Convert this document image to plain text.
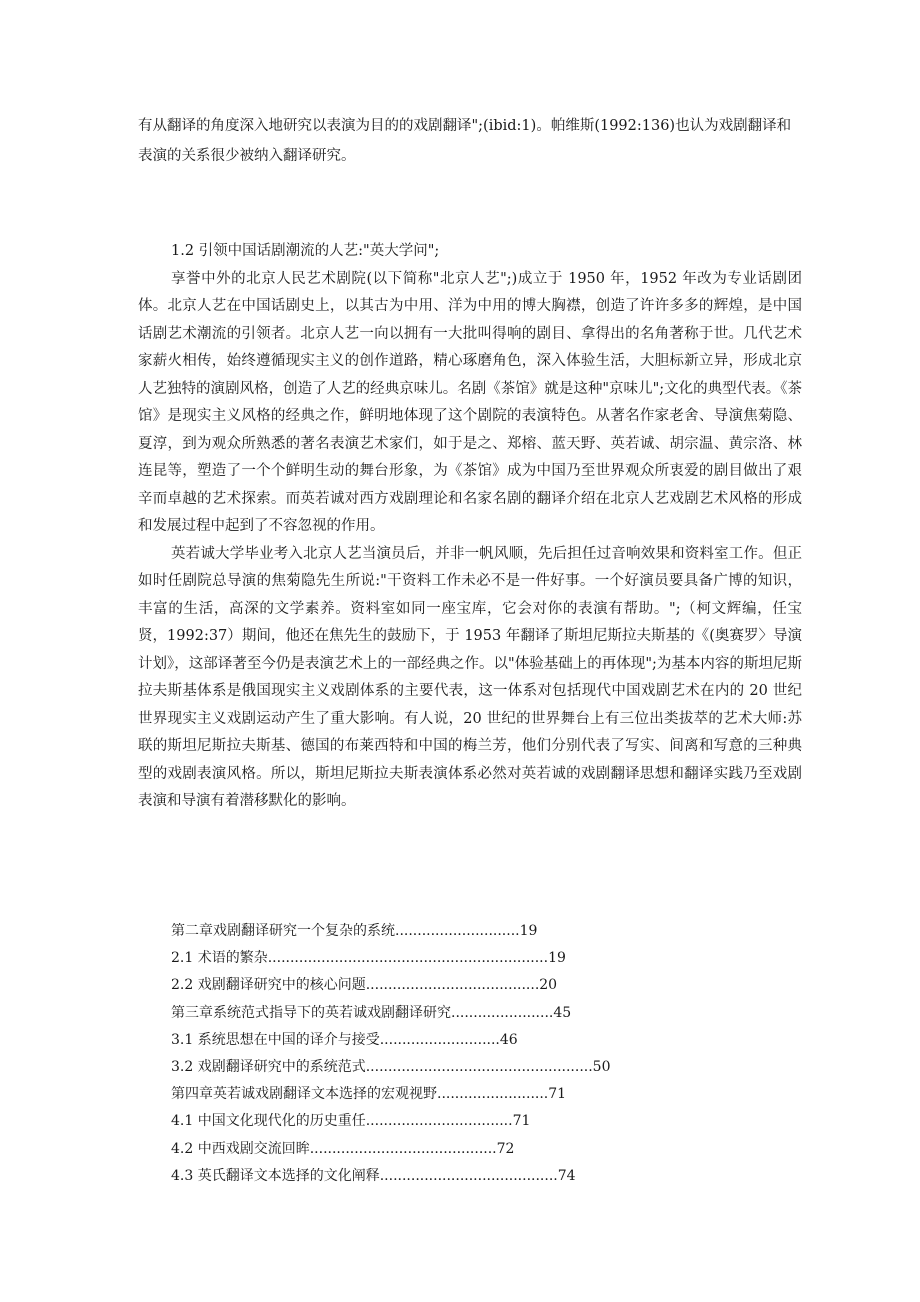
有从翻译的角度深入地研究以表演为目的的戏剧翻译";(ibid:1)。帕维斯(1992:136)也认为戏剧翻译和表演的关系很少被纳入翻译研究。

1.2 引领中国话剧潮流的人艺:"英大学问";

享誉中外的北京人民艺术剧院(以下简称"北京人艺";)成立于 1950 年，1952 年改为专业话剧团体。北京人艺在中国话剧史上，以其古为中用、洋为中用的博大胸襟，创造了许许多多的辉煌，是中国话剧艺术潮流的引领者。北京人艺一向以拥有一大批叫得响的剧目、拿得出的名角著称于世。几代艺术家薪火相传，始终遵循现实主义的创作道路，精心琢磨角色，深入体验生活，大胆标新立异，形成北京人艺独特的演剧风格，创造了人艺的经典京味儿。名剧《茶馆》就是这种"京味儿";文化的典型代表。《茶馆》是现实主义风格的经典之作，鲜明地体现了这个剧院的表演特色。从著名作家老舍、导演焦菊隐、夏淳，到为观众所熟悉的著名表演艺术家们，如于是之、郑榕、蓝天野、英若诚、胡宗温、黄宗洛、林连昆等，塑造了一个个鲜明生动的舞台形象，为《茶馆》成为中国乃至世界观众所衷爱的剧目做出了艰辛而卓越的艺术探索。而英若诚对西方戏剧理论和名家名剧的翻译介绍在北京人艺戏剧艺术风格的形成和发展过程中起到了不容忽视的作用。

英若诚大学毕业考入北京人艺当演员后，并非一帆风顺，先后担任过音响效果和资料室工作。但正如时任剧院总导演的焦菊隐先生所说:"干资料工作未必不是一件好事。一个好演员要具备广博的知识，丰富的生活，高深的文学素养。资料室如同一座宝库，它会对你的表演有帮助。";（柯文辉编，任宝贤，1992:37）期间，他还在焦先生的鼓励下，于 1953 年翻译了斯坦尼斯拉夫斯基的《(奥赛罗〉导演计划》，这部译著至今仍是表演艺术上的一部经典之作。以"体验基础上的再体现";为基本内容的斯坦尼斯拉夫斯基体系是俄国现实主义戏剧体系的主要代表，这一体系对包括现代中国戏剧艺术在内的 20 世纪世界现实主义戏剧运动产生了重大影响。有人说，20 世纪的世界舞台上有三位出类拔萃的艺术大师:苏联的斯坦尼斯拉夫斯基、德国的布莱西特和中国的梅兰芳，他们分别代表了写实、间离和写意的三种典型的戏剧表演风格。所以，斯坦尼斯拉夫斯表演体系必然对英若诚的戏剧翻译思想和翻译实践乃至戏剧表演和导演有着潜移默化的影响。

第二章戏剧翻译研究一个复杂的系统............................19
2.1 术语的繁杂...............................................................19
2.2 戏剧翻译研究中的核心问题.......................................20
第三章系统范式指导下的英若诚戏剧翻译研究.......................45
3.1 系统思想在中国的译介与接受...........................46
3.2 戏剧翻译研究中的系统范式...................................................50
第四章英若诚戏剧翻译文本选择的宏观视野.........................71
4.1 中国文化现代化的历史重任.................................71
4.2 中西戏剧交流回眸..........................................72
4.3 英氏翻译文本选择的文化阐释........................................74
